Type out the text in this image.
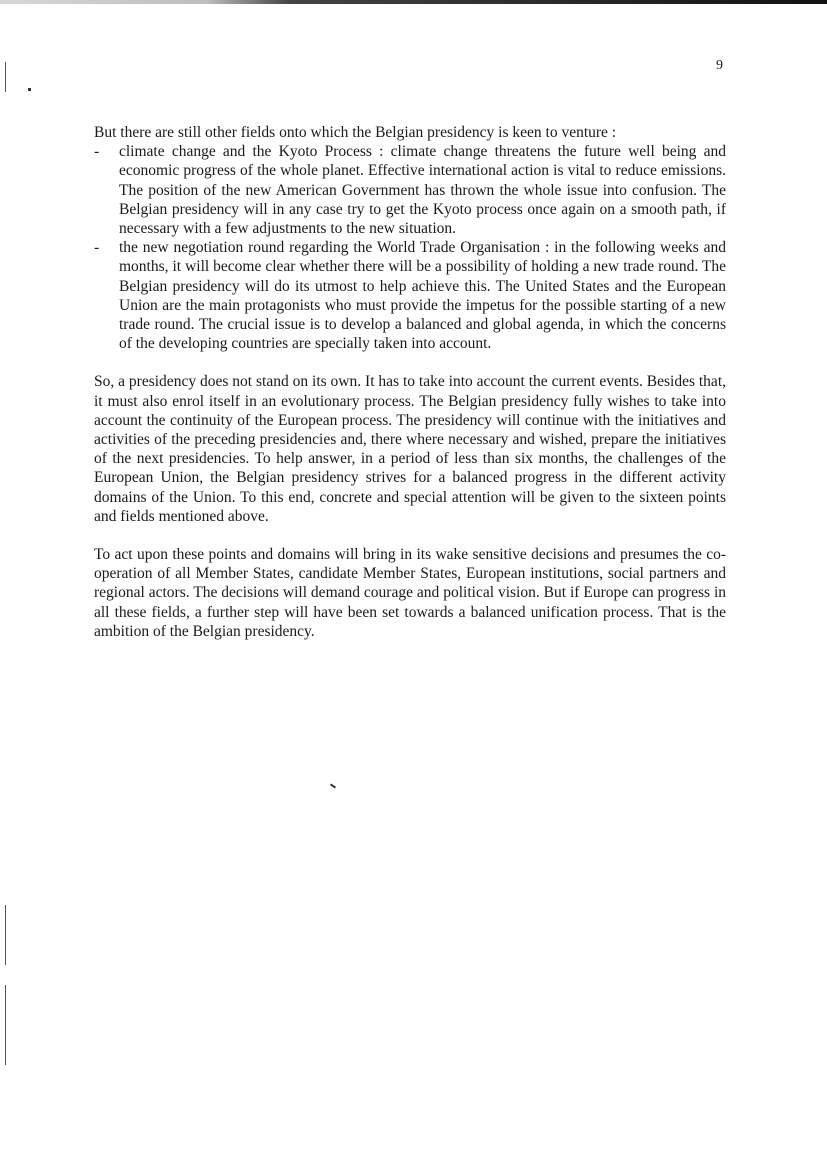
9

But there are still other fields onto which the Belgian presidency is keen to venture :

- climate change and the Kyoto Process : climate change threatens the future well being and economic progress of the whole planet. Effective international action is vital to reduce emissions. The position of the new American Government has thrown the whole issue into confusion. The Belgian presidency will in any case try to get the Kyoto process once again on a smooth path, if necessary with a few adjustments to the new situation.
- the new negotiation round regarding the World Trade Organisation : in the following weeks and months, it will become clear whether there will be a possibility of holding a new trade round. The Belgian presidency will do its utmost to help achieve this. The United States and the European Union are the main protagonists who must provide the impetus for the possible starting of a new trade round. The crucial issue is to develop a balanced and global agenda, in which the concerns of the developing countries are specially taken into account.

So, a presidency does not stand on its own. It has to take into account the current events. Besides that, it must also enrol itself in an evolutionary process. The Belgian presidency fully wishes to take into account the continuity of the European process. The presidency will continue with the initiatives and activities of the preceding presidencies and, there where necessary and wished, prepare the initiatives of the next presidencies. To help answer, in a period of less than six months, the challenges of the European Union, the Belgian presidency strives for a balanced progress in the different activity domains of the Union. To this end, concrete and special attention will be given to the sixteen points and fields mentioned above.

To act upon these points and domains will bring in its wake sensitive decisions and presumes the co-operation of all Member States, candidate Member States, European institutions, social partners and regional actors. The decisions will demand courage and political vision. But if Europe can progress in all these fields, a further step will have been set towards a balanced unification process. That is the ambition of the Belgian presidency.
